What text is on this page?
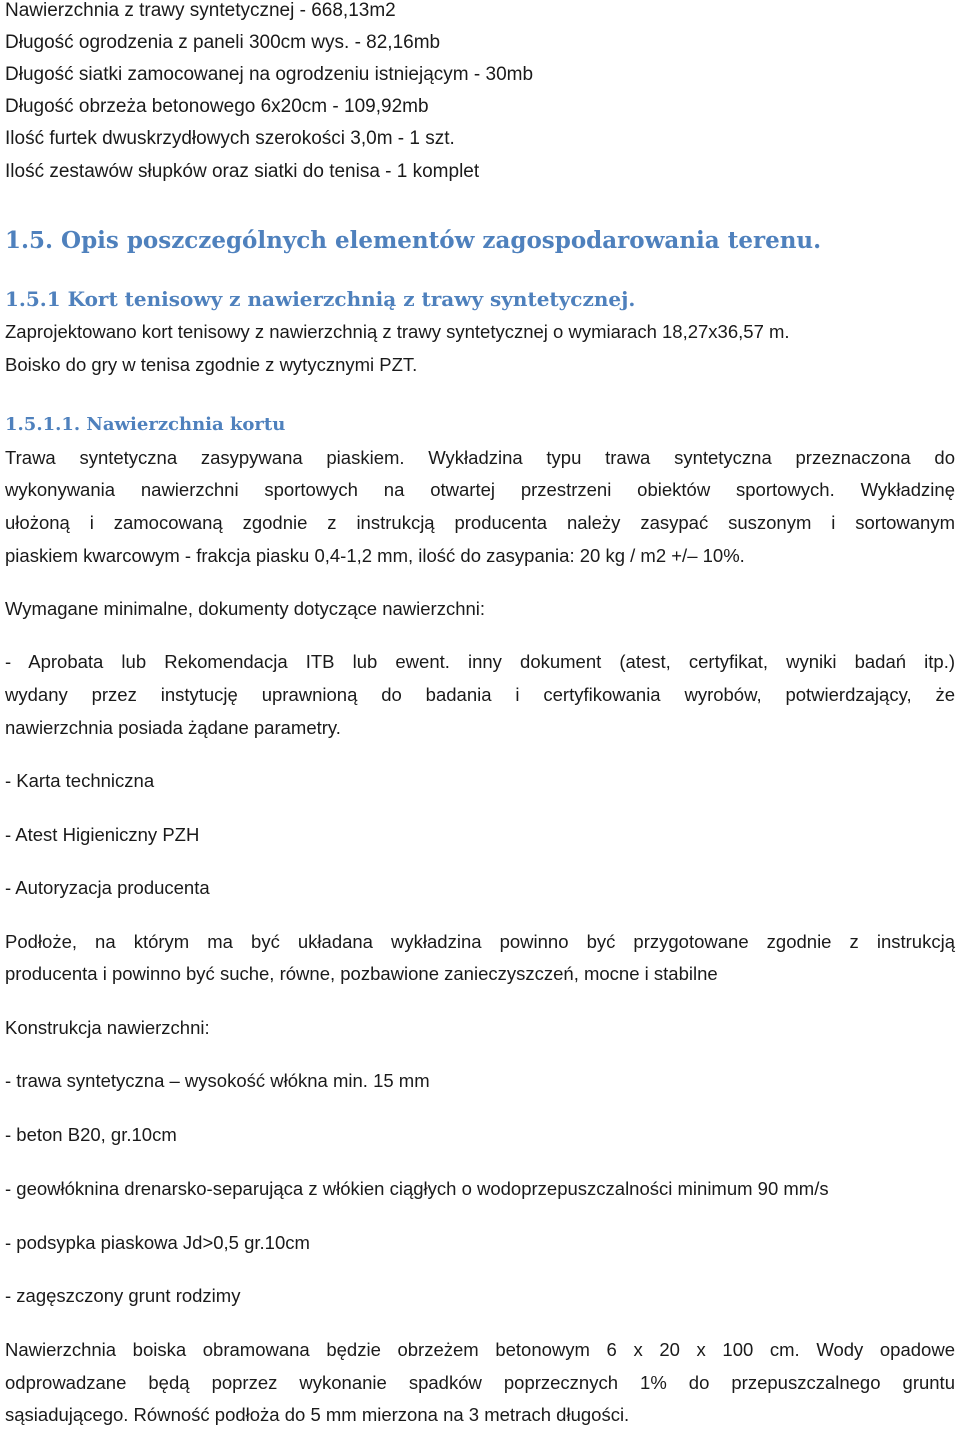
Nawierzchnia z trawy syntetycznej - 668,13m2
Długość ogrodzenia z paneli 300cm wys. - 82,16mb
Długość siatki zamocowanej na ogrodzeniu istniejącym - 30mb
Długość obrzeża betonowego 6x20cm - 109,92mb
Ilość furtek dwuskrzydłowych szerokości 3,0m - 1 szt.
Ilość zestawów słupków oraz siatki do tenisa - 1 komplet
1.5. Opis poszczególnych elementów zagospodarowania terenu.
1.5.1 Kort tenisowy z nawierzchnią z trawy syntetycznej.
Zaprojektowano kort tenisowy z nawierzchnią z trawy syntetycznej o wymiarach 18,27x36,57 m.
Boisko do gry w tenisa zgodnie z wytycznymi PZT.
1.5.1.1. Nawierzchnia kortu
Trawa syntetyczna zasypywana piaskiem. Wykładzina typu trawa syntetyczna przeznaczona do
wykonywania nawierzchni sportowych na otwartej przestrzeni obiektów sportowych. Wykładzinę
ułożoną i zamocowaną zgodnie z instrukcją producenta należy zasypać suszonym i sortowanym
piaskiem kwarcowym - frakcja piasku 0,4-1,2 mm, ilość do zasypania: 20 kg / m2 +/– 10%.
Wymagane minimalne, dokumenty dotyczące nawierzchni:
- Aprobata lub Rekomendacja ITB lub ewent. inny dokument (atest, certyfikat, wyniki badań itp.)
wydany przez instytucję uprawnioną do badania i certyfikowania wyrobów, potwierdzający, że
nawierzchnia posiada żądane parametry.
- Karta techniczna
- Atest Higieniczny PZH
- Autoryzacja producenta
Podłoże, na którym ma być układana wykładzina powinno być przygotowane zgodnie z instrukcją
producenta i powinno być suche, równe, pozbawione zanieczyszczeń, mocne i stabilne
Konstrukcja nawierzchni:
- trawa syntetyczna – wysokość włókna min. 15 mm
- beton B20, gr.10cm
- geowłóknina drenarsko-separująca z włókien ciągłych o wodoprzepuszczalności minimum 90 mm/s
- podsypka piaskowa Jd>0,5 gr.10cm
- zagęszczony grunt rodzimy
Nawierzchnia boiska obramowana będzie obrzeżem betonowym 6 x 20 x 100 cm. Wody opadowe
odprowadzane będą poprzez wykonanie spadków poprzecznych 1% do przepuszczalnego gruntu
sąsiadującego. Równość podłoża do 5 mm mierzona na 3 metrach długości.
